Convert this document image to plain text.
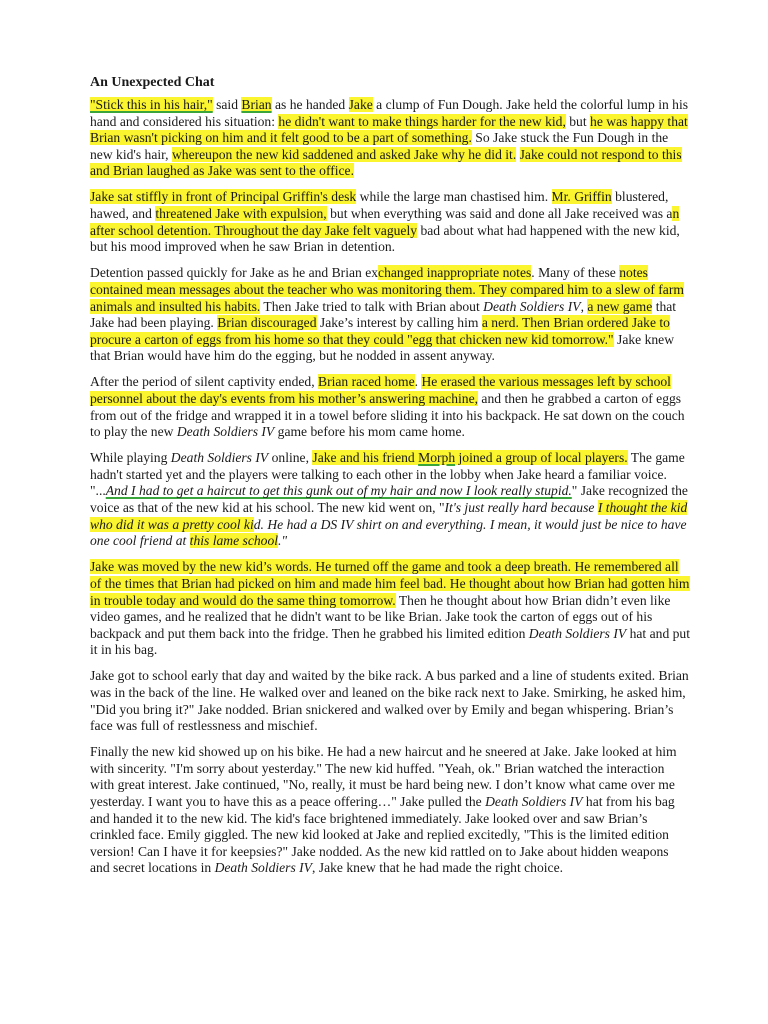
An Unexpected Chat

"Stick this in his hair," said Brian as he handed Jake a clump of Fun Dough. Jake held the colorful lump in his hand and considered his situation: he didn't want to make things harder for the new kid, but he was happy that Brian wasn't picking on him and it felt good to be a part of something. So Jake stuck the Fun Dough in the new kid's hair, whereupon the new kid saddened and asked Jake why he did it. Jake could not respond to this and Brian laughed as Jake was sent to the office.

Jake sat stiffly in front of Principal Griffin's desk while the large man chastised him. Mr. Griffin blustered, hawed, and threatened Jake with expulsion, but when everything was said and done all Jake received was an after school detention. Throughout the day Jake felt vaguely bad about what had happened with the new kid, but his mood improved when he saw Brian in detention.

Detention passed quickly for Jake as he and Brian exchanged inappropriate notes. Many of these notes contained mean messages about the teacher who was monitoring them. They compared him to a slew of farm animals and insulted his habits. Then Jake tried to talk with Brian about Death Soldiers IV, a new game that Jake had been playing. Brian discouraged Jake’s interest by calling him a nerd. Then Brian ordered Jake to procure a carton of eggs from his home so that they could "egg that chicken new kid tomorrow." Jake knew that Brian would have him do the egging, but he nodded in assent anyway.

After the period of silent captivity ended, Brian raced home. He erased the various messages left by school personnel about the day's events from his mother’s answering machine, and then he grabbed a carton of eggs from out of the fridge and wrapped it in a towel before sliding it into his backpack. He sat down on the couch to play the new Death Soldiers IV game before his mom came home.

While playing Death Soldiers IV online, Jake and his friend Morph joined a group of local players. The game hadn't started yet and the players were talking to each other in the lobby when Jake heard a familiar voice. "...And I had to get a haircut to get this gunk out of my hair and now I look really stupid." Jake recognized the voice as that of the new kid at his school. The new kid went on, "It's just really hard because I thought the kid who did it was a pretty cool kid. He had a DS IV shirt on and everything. I mean, it would just be nice to have one cool friend at this lame school."

Jake was moved by the new kid’s words. He turned off the game and took a deep breath. He remembered all of the times that Brian had picked on him and made him feel bad. He thought about how Brian had gotten him in trouble today and would do the same thing tomorrow. Then he thought about how Brian didn’t even like video games, and he realized that he didn't want to be like Brian. Jake took the carton of eggs out of his backpack and put them back into the fridge. Then he grabbed his limited edition Death Soldiers IV hat and put it in his bag.

Jake got to school early that day and waited by the bike rack. A bus parked and a line of students exited. Brian was in the back of the line. He walked over and leaned on the bike rack next to Jake. Smirking, he asked him, "Did you bring it?" Jake nodded. Brian snickered and walked over by Emily and began whispering. Brian’s face was full of restlessness and mischief.

Finally the new kid showed up on his bike. He had a new haircut and he sneered at Jake. Jake looked at him with sincerity. "I'm sorry about yesterday." The new kid huffed. "Yeah, ok." Brian watched the interaction with great interest. Jake continued, "No, really, it must be hard being new. I don’t know what came over me yesterday. I want you to have this as a peace offering…" Jake pulled the Death Soldiers IV hat from his bag and handed it to the new kid. The kid's face brightened immediately. Jake looked over and saw Brian’s crinkled face. Emily giggled. The new kid looked at Jake and replied excitedly, "This is the limited edition version! Can I have it for keepsies?" Jake nodded. As the new kid rattled on to Jake about hidden weapons and secret locations in Death Soldiers IV, Jake knew that he had made the right choice.
